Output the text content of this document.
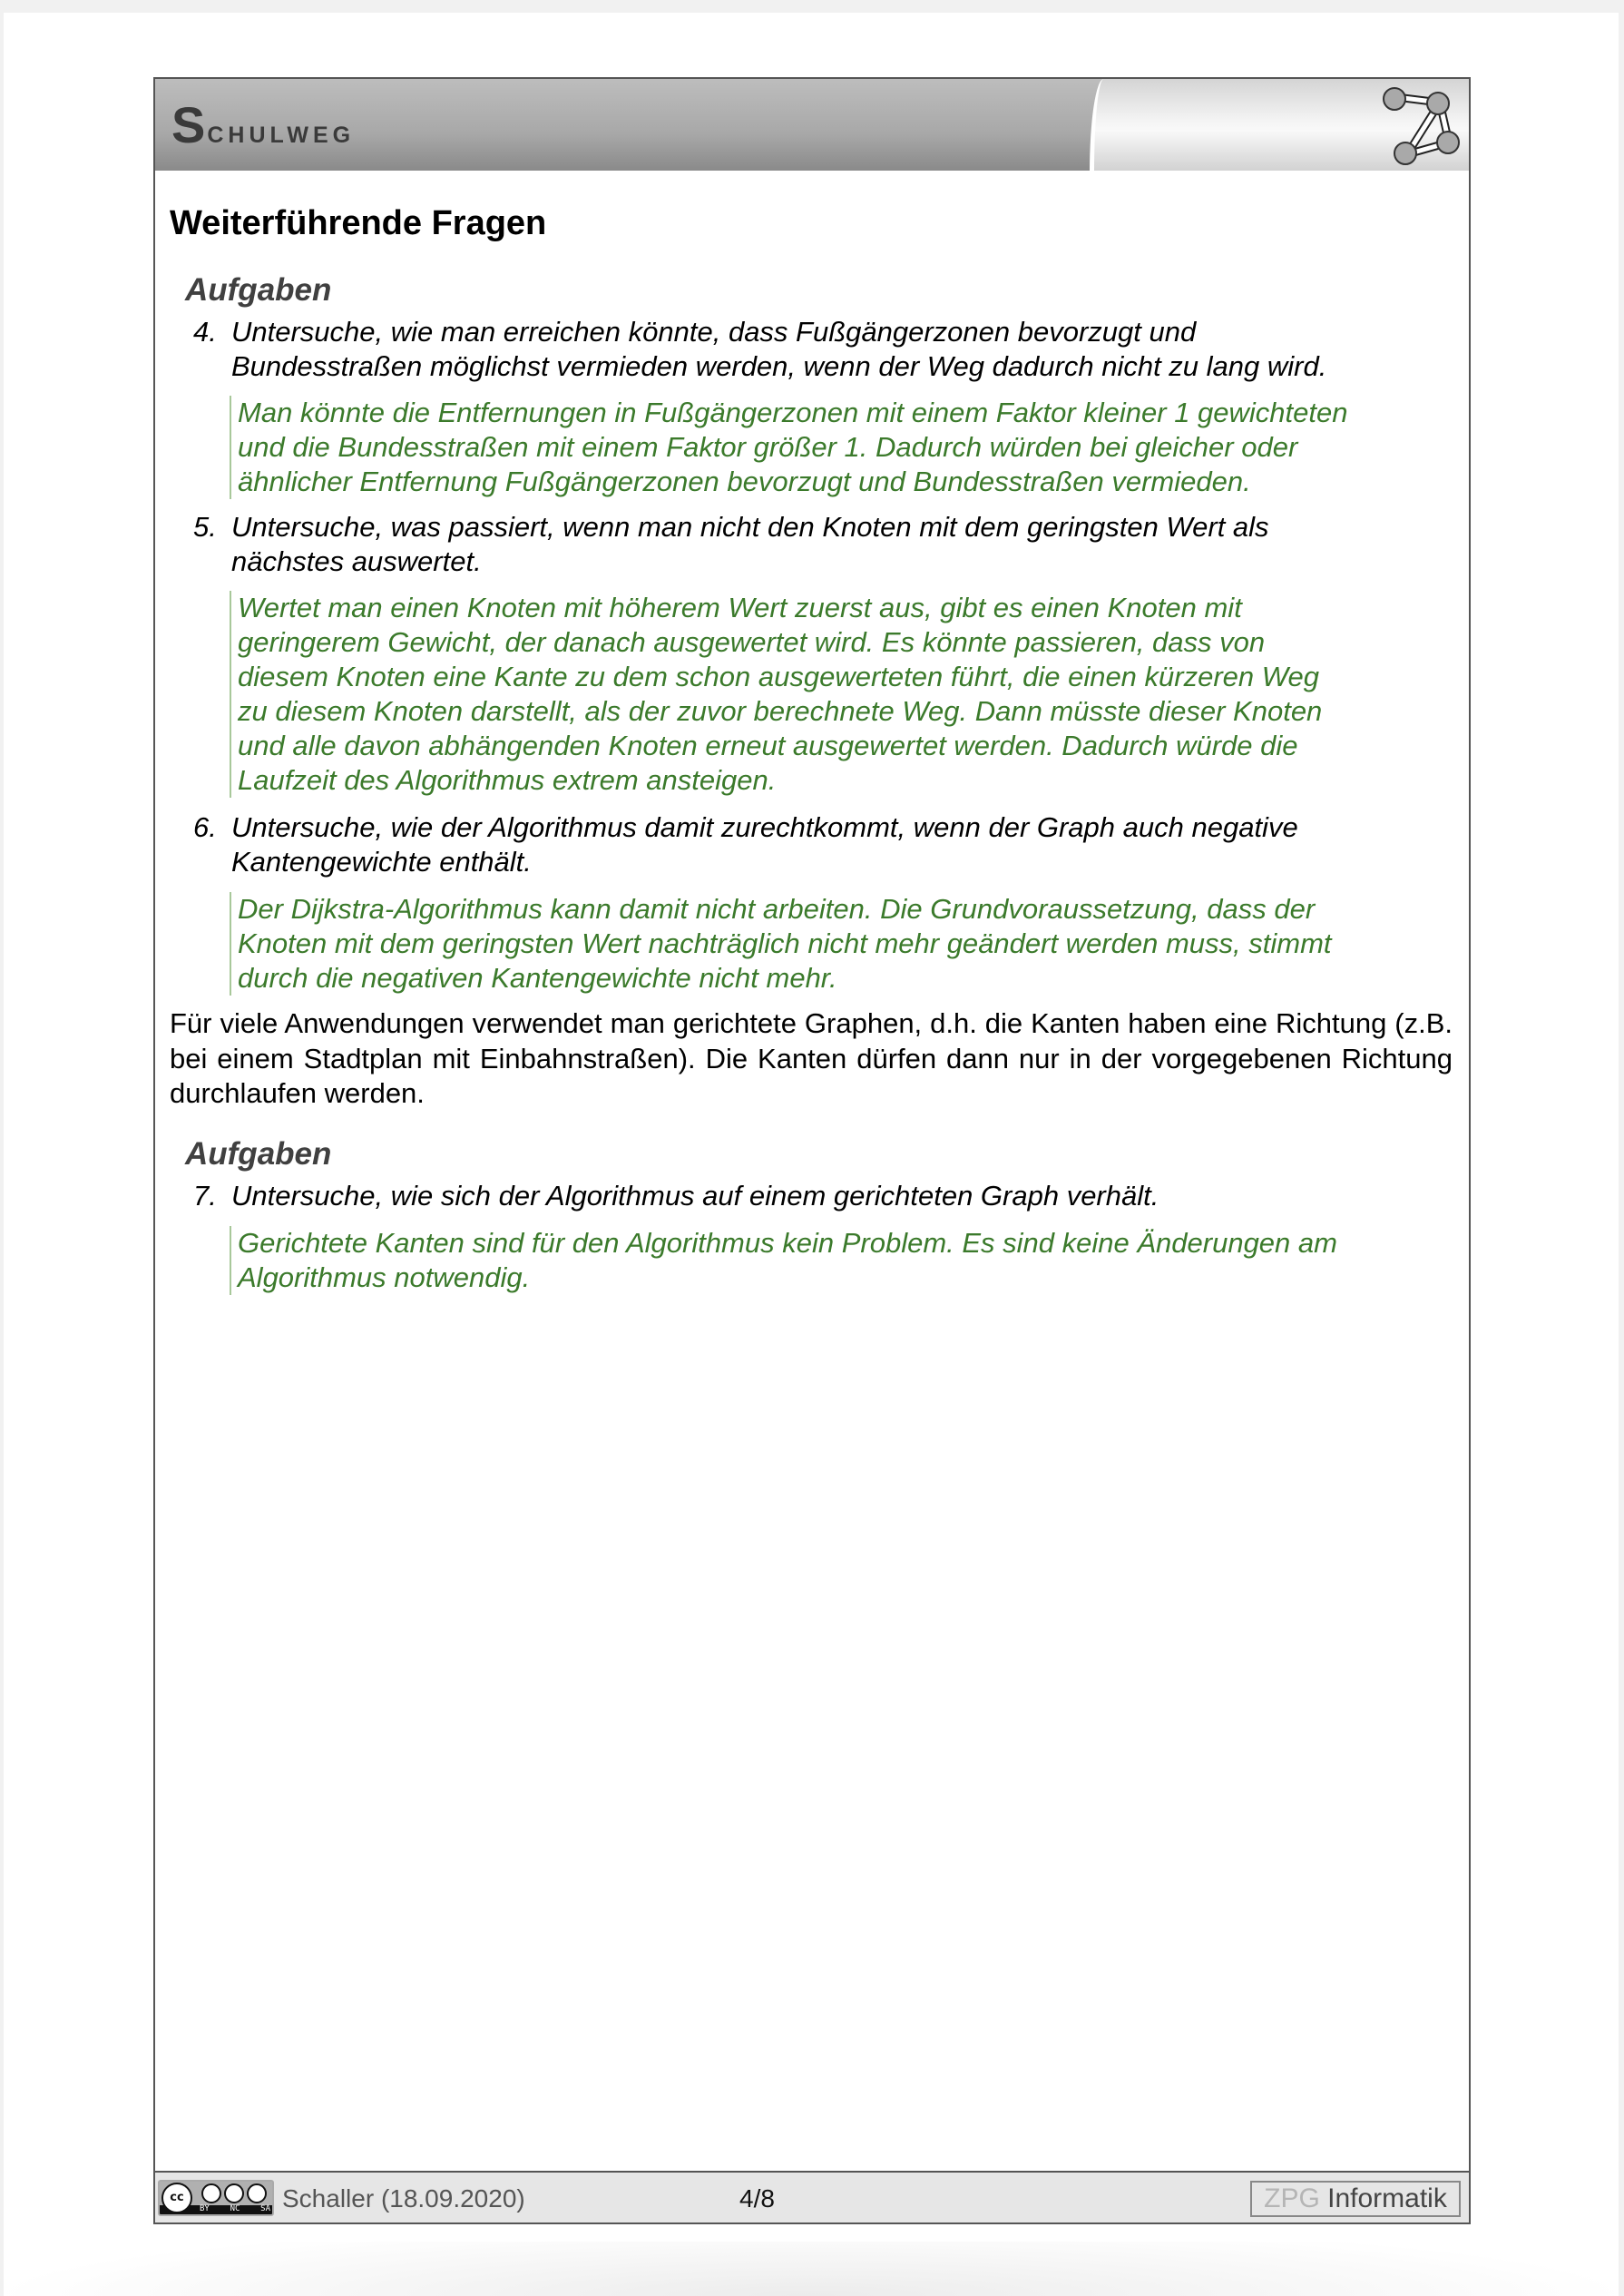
Schulweg
Weiterführende Fragen
Aufgaben
4. Untersuche, wie man erreichen könnte, dass Fußgängerzonen bevorzugt und
Bundesstraßen möglichst vermieden werden, wenn der Weg dadurch nicht zu lang wird.
Man könnte die Entfernungen in Fußgängerzonen mit einem Faktor kleiner 1 gewichteten
und die Bundesstraßen mit einem Faktor größer 1. Dadurch würden bei gleicher oder
ähnlicher Entfernung Fußgängerzonen bevorzugt und Bundesstraßen vermieden.
5. Untersuche, was passiert, wenn man nicht den Knoten mit dem geringsten Wert als
nächstes auswertet.
Wertet man einen Knoten mit höherem Wert zuerst aus, gibt es einen Knoten mit
geringerem Gewicht, der danach ausgewertet wird. Es könnte passieren, dass von
diesem Knoten eine Kante zu dem schon ausgewerteten führt, die einen kürzeren Weg
zu diesem Knoten darstellt, als der zuvor berechnete Weg. Dann müsste dieser Knoten
und alle davon abhängenden Knoten erneut ausgewertet werden. Dadurch würde die
Laufzeit des Algorithmus extrem ansteigen.
6. Untersuche, wie der Algorithmus damit zurechtkommt, wenn der Graph auch negative
Kantengewichte enthält.
Der Dijkstra-Algorithmus kann damit nicht arbeiten. Die Grundvoraussetzung, dass der
Knoten mit dem geringsten Wert nachträglich nicht mehr geändert werden muss, stimmt
durch die negativen Kantengewichte nicht mehr.
Für viele Anwendungen verwendet man gerichtete Graphen, d.h. die Kanten haben eine Richtung (z.B. bei einem Stadtplan mit Einbahnstraßen). Die Kanten dürfen dann nur in der vorgegebenen Richtung durchlaufen werden.
Aufgaben
7. Untersuche, wie sich der Algorithmus auf einem gerichteten Graph verhält.
Gerichtete Kanten sind für den Algorithmus kein Problem. Es sind keine Änderungen am
Algorithmus notwendig.
cc
BY	NC	SA Schaller (18.09.2020)	4/8	ZPG Informatik
